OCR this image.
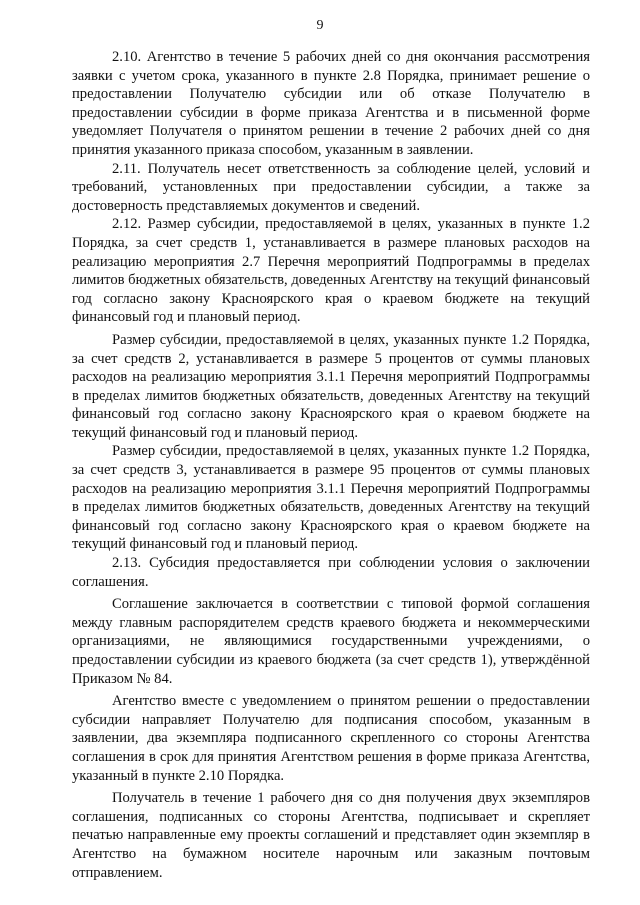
9

2.10. Агентство в течение 5 рабочих дней со дня окончания рассмотрения заявки с учетом срока, указанного в пункте 2.8 Порядка, принимает решение о предоставлении Получателю субсидии или об отказе Получателю в предоставлении субсидии в форме приказа Агентства и в письменной форме уведомляет Получателя о принятом решении в течение 2 рабочих дней со дня принятия указанного приказа способом, указанным в заявлении.

2.11. Получатель несет ответственность за соблюдение целей, условий и требований, установленных при предоставлении субсидии, а также за достоверность представляемых документов и сведений.

2.12. Размер субсидии, предоставляемой в целях, указанных в пункте 1.2 Порядка, за счет средств 1, устанавливается в размере плановых расходов на реализацию мероприятия 2.7 Перечня мероприятий Подпрограммы в пределах лимитов бюджетных обязательств, доведенных Агентству на текущий финансовый год согласно закону Красноярского края о краевом бюджете на текущий финансовый год и плановый период.

Размер субсидии, предоставляемой в целях, указанных пункте 1.2 Порядка, за счет средств 2, устанавливается в размере 5 процентов от суммы плановых расходов на реализацию мероприятия 3.1.1 Перечня мероприятий Подпрограммы в пределах лимитов бюджетных обязательств, доведенных Агентству на текущий финансовый год согласно закону Красноярского края о краевом бюджете на текущий финансовый год и плановый период.

Размер субсидии, предоставляемой в целях, указанных пункте 1.2 Порядка, за счет средств 3, устанавливается в размере 95 процентов от суммы плановых расходов на реализацию мероприятия 3.1.1 Перечня мероприятий Подпрограммы в пределах лимитов бюджетных обязательств, доведенных Агентству на текущий финансовый год согласно закону Красноярского края о краевом бюджете на текущий финансовый год и плановый период.

2.13. Субсидия предоставляется при соблюдении условия о заключении соглашения.

Соглашение заключается в соответствии с типовой формой соглашения между главным распорядителем средств краевого бюджета и некоммерческими организациями, не являющимися государственными учреждениями, о предоставлении субсидии из краевого бюджета (за счет средств 1), утверждённой Приказом № 84.

Агентство вместе с уведомлением о принятом решении о предоставлении субсидии направляет Получателю для подписания способом, указанным в заявлении, два экземпляра подписанного скрепленного со стороны Агентства соглашения в срок для принятия Агентством решения в форме приказа Агентства, указанный в пункте 2.10 Порядка.

Получатель в течение 1 рабочего дня со дня получения двух экземпляров соглашения, подписанных со стороны Агентства, подписывает и скрепляет печатью направленные ему проекты соглашений и представляет один экземпляр в Агентство на бумажном носителе нарочным или заказным почтовым отправлением.
